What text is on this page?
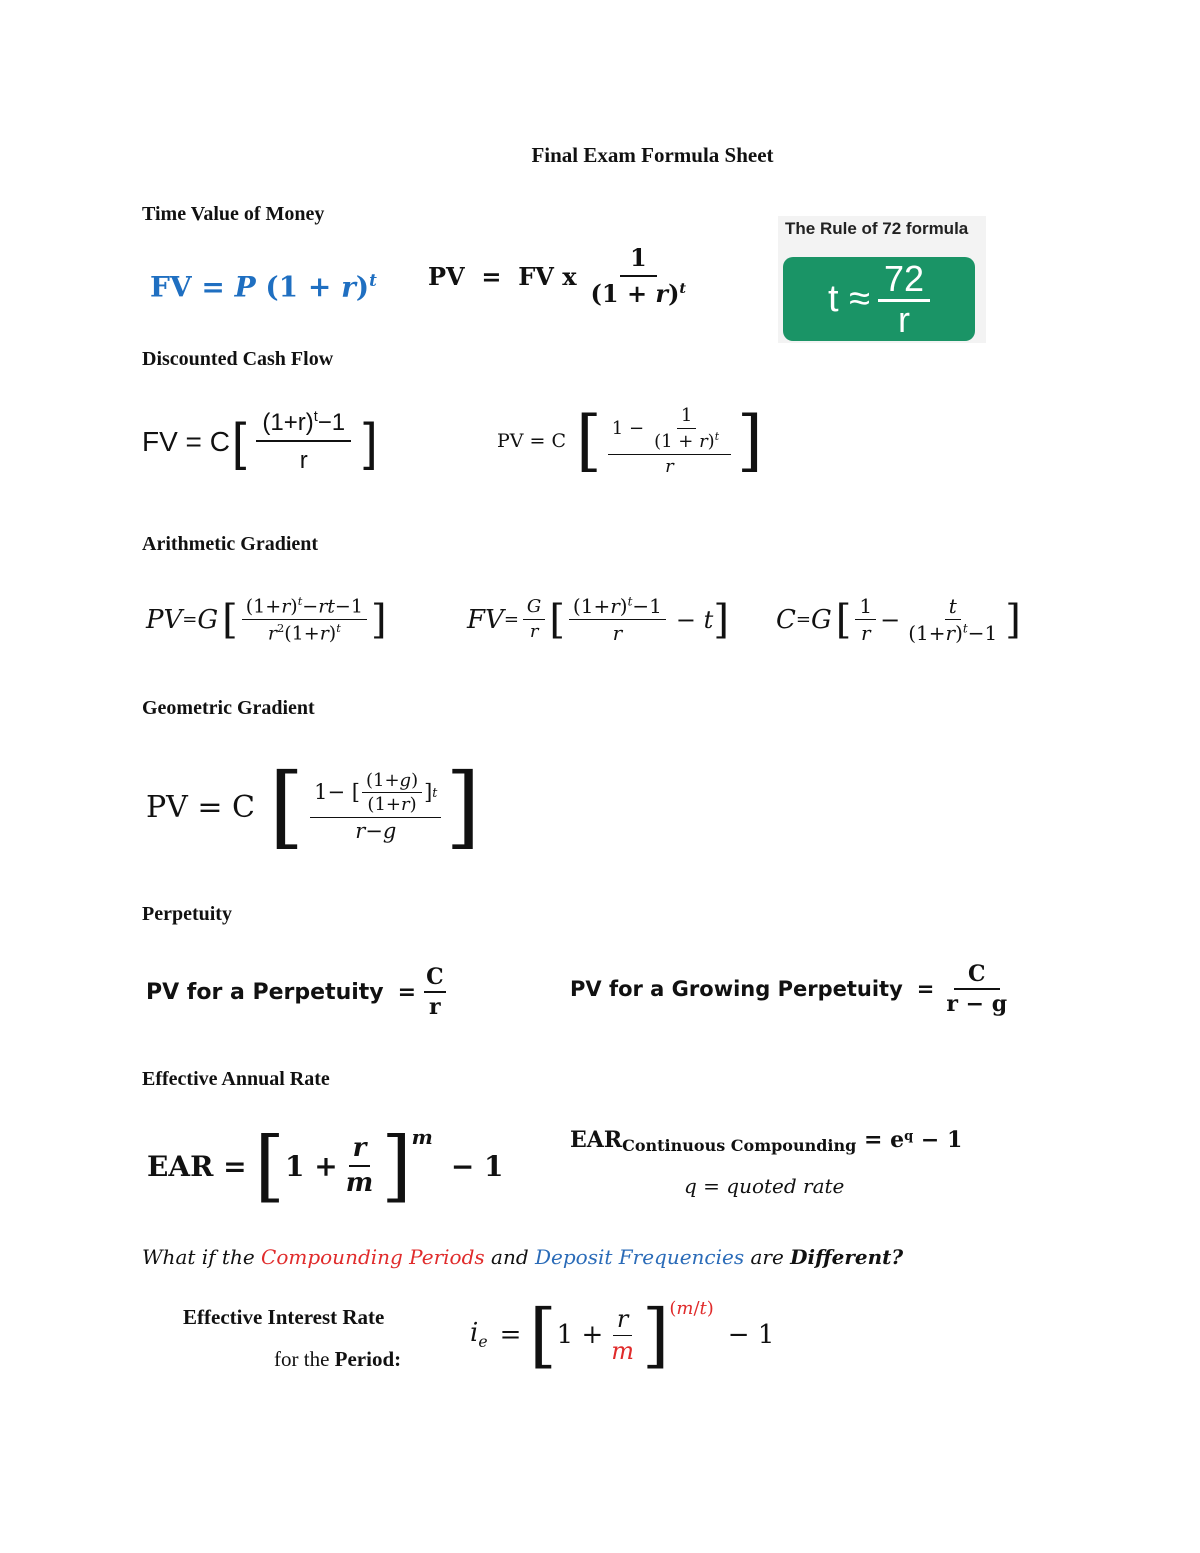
Final Exam Formula Sheet
Time Value of Money
FV = P $(1 + r)^t$ PV  =  FV x $\frac{1}{(1 + r)^t}$
The Rule of 72 formula
$t \approx \frac{72}{r}$
Discounted Cash Flow
FV = C [ $\frac{(1+r)^t-1}{r}$ ]	PV = C [ $\frac{1 - \frac{1}{(1 + r)^t}}{r}$ ]
Arithmetic Gradient
PV = G [ $\frac{(1+r)^t-rt-1}{r^2(1+r)^t}$ ]	FV = $\frac{G}{r}$ [ $\frac{(1+r)^t-1}{r} - t$ ] C = G [ $\frac{1}{r} - \frac{t}{(1+r)^t-1}$ ]
Geometric Gradient
PV = C [ $\frac{1- [ \frac{(1+g)}{(1+r)} ] t}{r-g}$ ]
Perpetuity
PV for a Perpetuity = $\frac{C}{r}$	PV for a Growing Perpetuity = $\frac{C}{r - g}$
Effective Annual Rate
EAR = [ $1 + \frac{r}{m}$ ] m
− 1
EARContinuous Compounding = $e^q - 1$
q = quoted rate
What if the Compounding Periods and Deposit Frequencies are Different?
Effective Interest Rate
for the Period:
$i_e$ = [ $1 + \frac{r}{m}$ ] (m/t)
− 1
